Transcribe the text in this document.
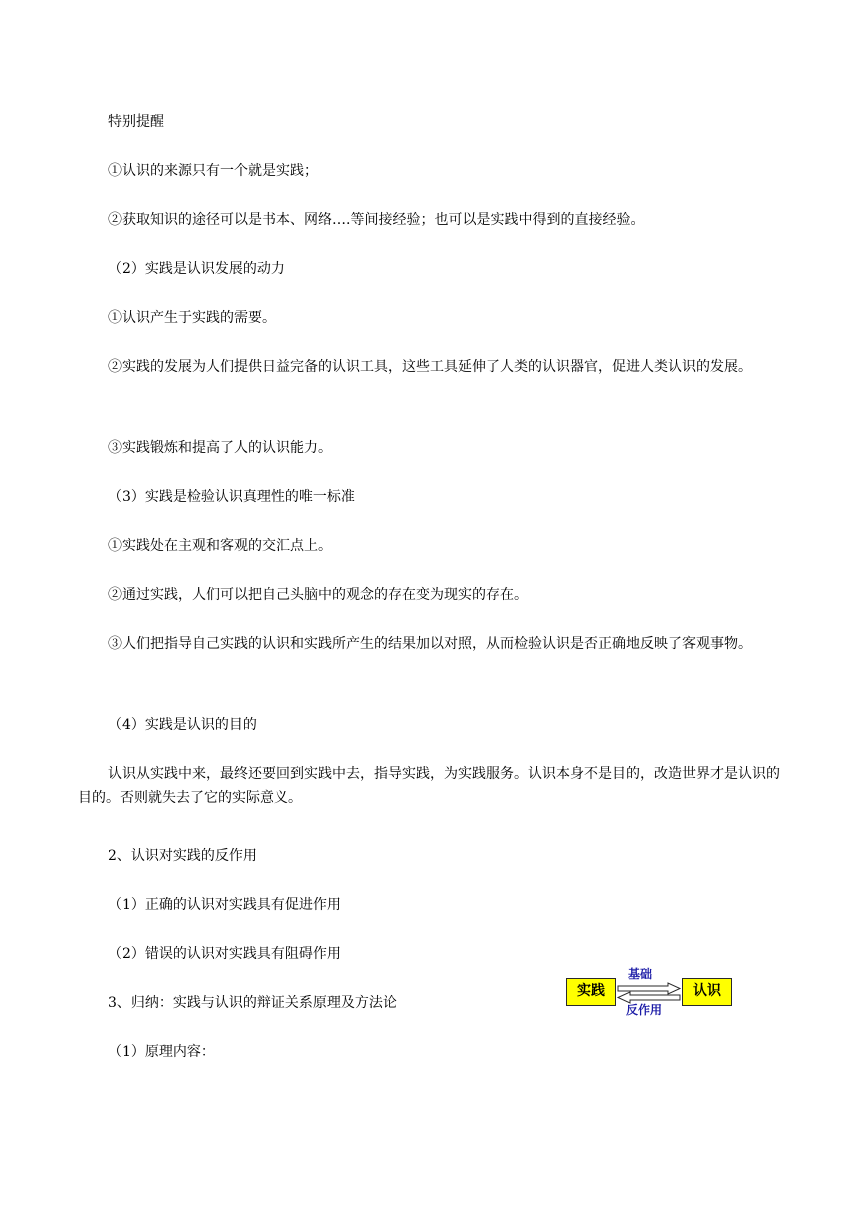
特别提醒
①认识的来源只有一个就是实践；
②获取知识的途径可以是书本、网络….等间接经验；也可以是实践中得到的直接经验。
（2）实践是认识发展的动力
①认识产生于实践的需要。
②实践的发展为人们提供日益完备的认识工具，这些工具延伸了人类的认识器官，促进人类认识的发展。
③实践锻炼和提高了人的认识能力。
（3）实践是检验认识真理性的唯一标准
①实践处在主观和客观的交汇点上。
②通过实践，人们可以把自己头脑中的观念的存在变为现实的存在。
③人们把指导自己实践的认识和实践所产生的结果加以对照，从而检验认识是否正确地反映了客观事物。
（4）实践是认识的目的
认识从实践中来，最终还要回到实践中去，指导实践，为实践服务。认识本身不是目的，改造世界才是认识的目的。否则就失去了它的实际意义。
2、认识对实践的反作用
（1）正确的认识对实践具有促进作用
（2）错误的认识对实践具有阻碍作用
3、归纳：实践与认识的辩证关系原理及方法论
（1）原理内容：
实践	认识
基础
反作用
